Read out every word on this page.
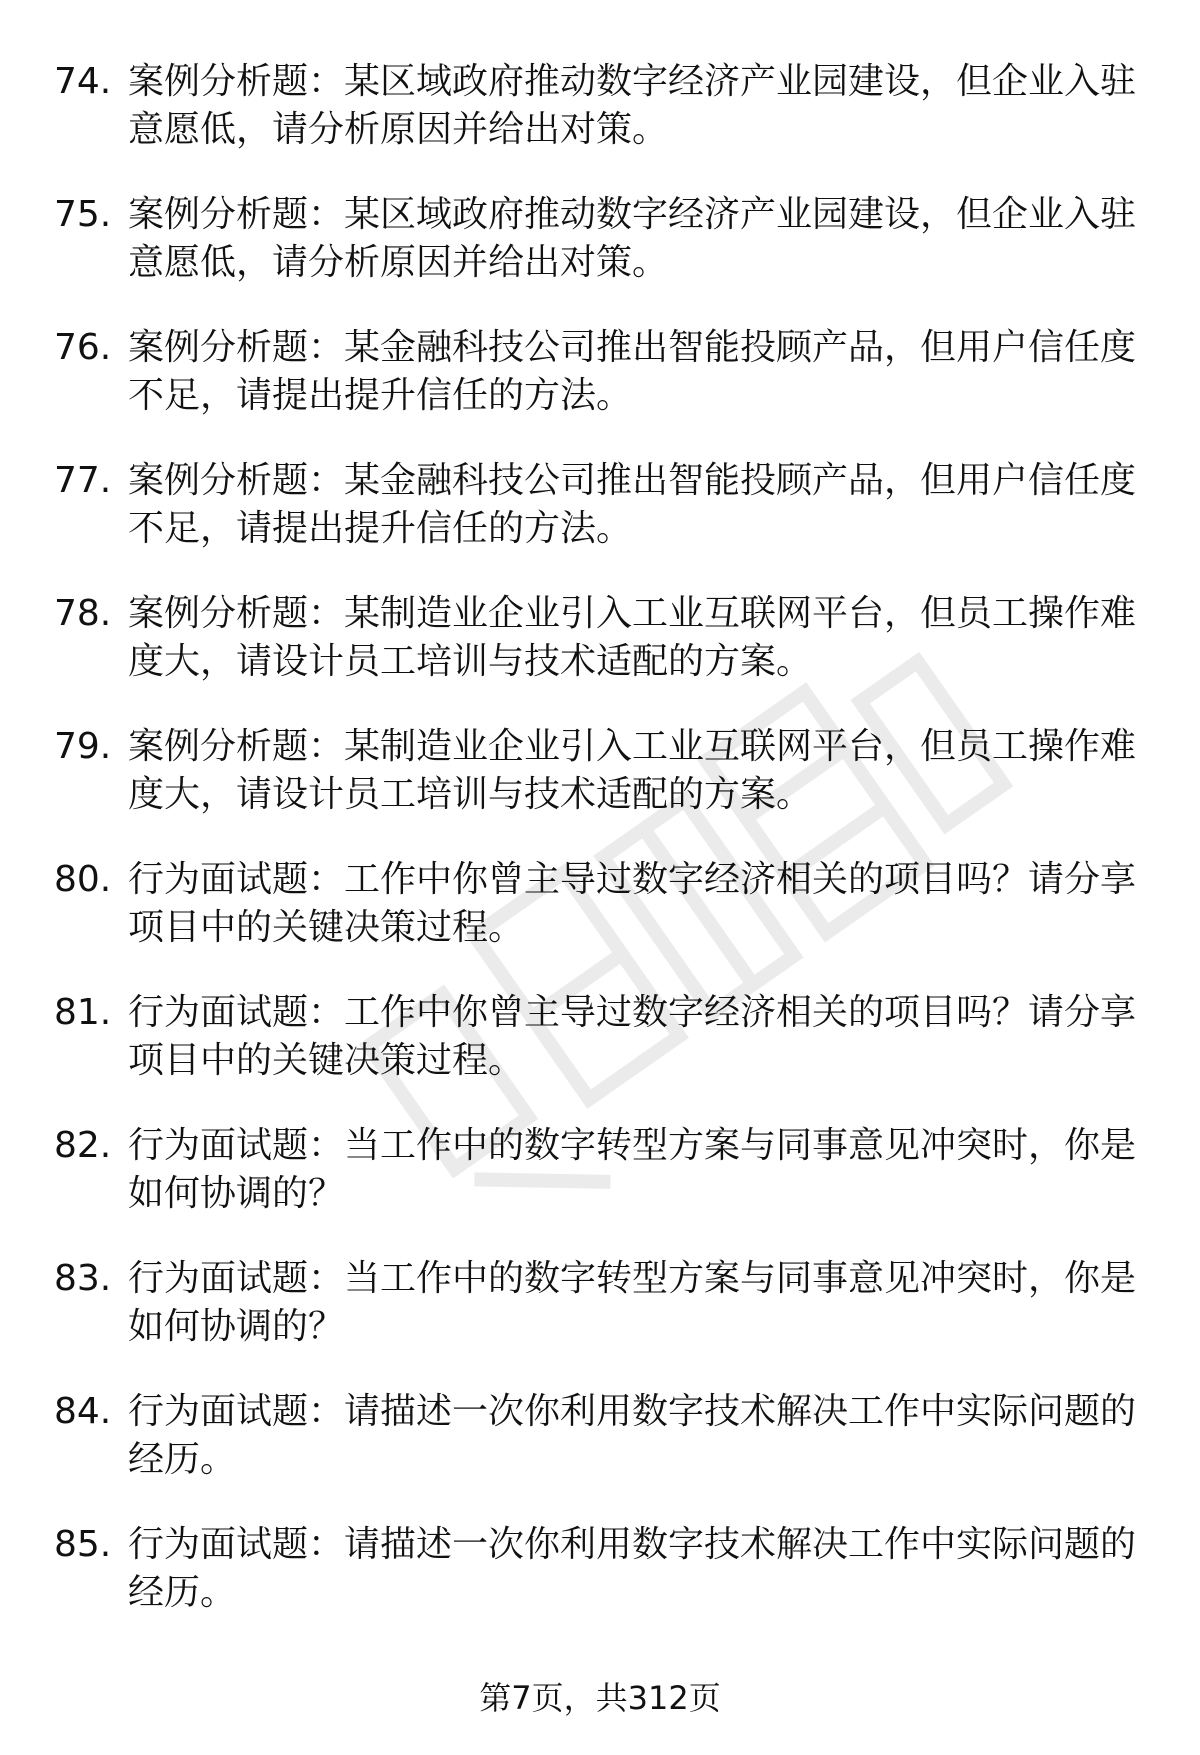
74. 案例分析题：某区域政府推动数字经济产业园建设，但企业入驻意愿低，请分析原因并给出对策。

75. 案例分析题：某区域政府推动数字经济产业园建设，但企业入驻意愿低，请分析原因并给出对策。

76. 案例分析题：某金融科技公司推出智能投顾产品，但用户信任度不足，请提出提升信任的方法。

77. 案例分析题：某金融科技公司推出智能投顾产品，但用户信任度不足，请提出提升信任的方法。

78. 案例分析题：某制造业企业引入工业互联网平台，但员工操作难度大，请设计员工培训与技术适配的方案。

79. 案例分析题：某制造业企业引入工业互联网平台，但员工操作难度大，请设计员工培训与技术适配的方案。

80. 行为面试题：工作中你曾主导过数字经济相关的项目吗？请分享项目中的关键决策过程。

81. 行为面试题：工作中你曾主导过数字经济相关的项目吗？请分享项目中的关键决策过程。

82. 行为面试题：当工作中的数字转型方案与同事意见冲突时，你是如何协调的？

83. 行为面试题：当工作中的数字转型方案与同事意见冲突时，你是如何协调的？

84. 行为面试题：请描述一次你利用数字技术解决工作中实际问题的经历。

85. 行为面试题：请描述一次你利用数字技术解决工作中实际问题的经历。

第7页，共312页
